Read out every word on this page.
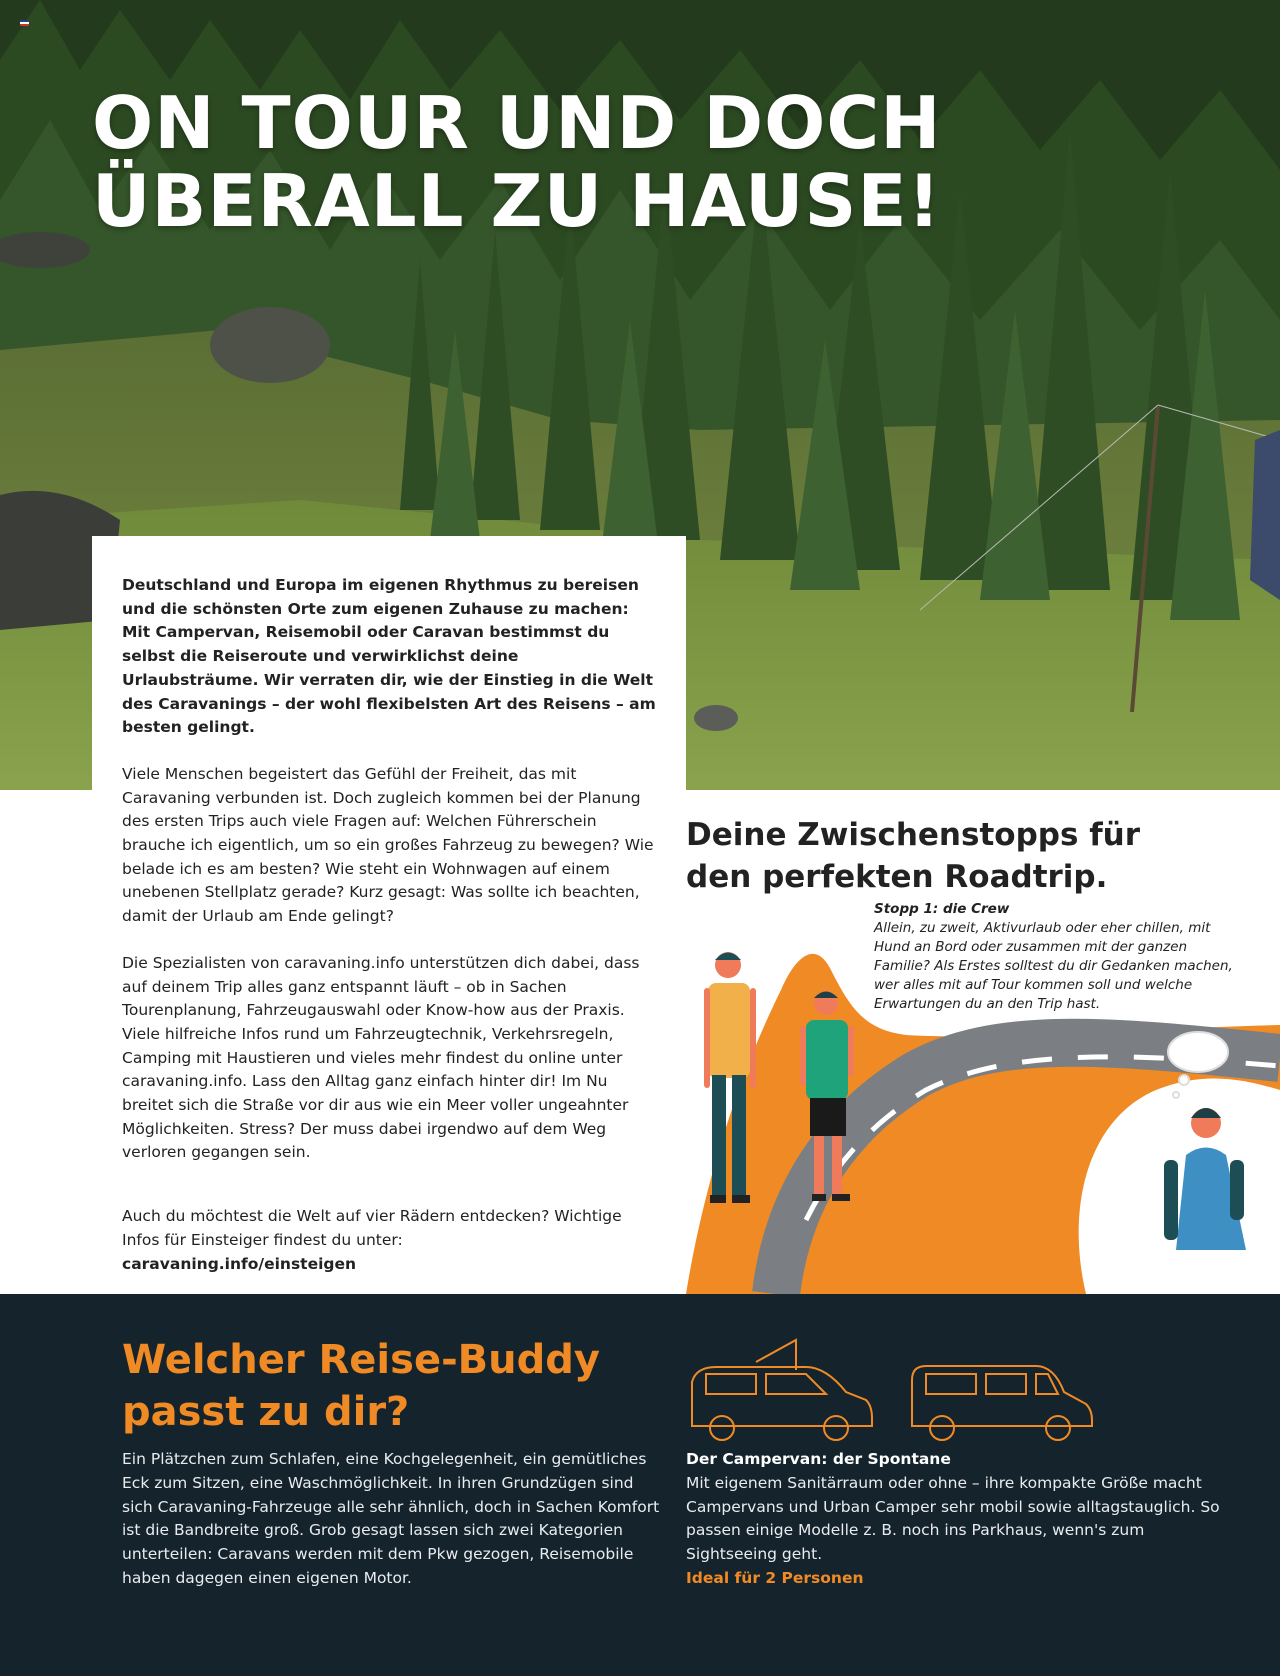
ON TOUR UND DOCH
ÜBERALL ZU HAUSE!

Deutschland und Europa im eigenen Rhythmus zu bereisen und die schönsten Orte zum eigenen Zuhause zu machen: Mit Campervan, Reisemobil oder Caravan bestimmst du selbst die Reiseroute und verwirklichst deine Urlaubsträume. Wir verraten dir, wie der Einstieg in die Welt des Caravanings – der wohl flexibelsten Art des Reisens – am besten gelingt.

Viele Menschen begeistert das Gefühl der Freiheit, das mit Caravaning verbunden ist. Doch zugleich kommen bei der Planung des ersten Trips auch viele Fragen auf: Welchen Führerschein brauche ich eigentlich, um so ein großes Fahrzeug zu bewegen? Wie belade ich es am besten? Wie steht ein Wohnwagen auf einem unebenen Stellplatz gerade? Kurz gesagt: Was sollte ich beachten, damit der Urlaub am Ende gelingt?

Die Spezialisten von caravaning.info unterstützen dich dabei, dass auf deinem Trip alles ganz entspannt läuft – ob in Sachen Tourenplanung, Fahrzeugauswahl oder Know-how aus der Praxis. Viele hilfreiche Infos rund um Fahrzeugtechnik, Verkehrsregeln, Camping mit Haustieren und vieles mehr findest du online unter caravaning.info. Lass den Alltag ganz einfach hinter dir! Im Nu breitet sich die Straße vor dir aus wie ein Meer voller ungeahnter Möglichkeiten. Stress? Der muss dabei irgendwo auf dem Weg verloren gegangen sein.

Auch du möchtest die Welt auf vier Rädern entdecken? Wichtige Infos für Einsteiger findest du unter:
caravaning.info/einsteigen

Deine Zwischenstopps für
den perfekten Roadtrip.
Stopp 1: die Crew
Allein, zu zweit, Aktivurlaub oder eher chillen, mit Hund an Bord oder zusammen mit der ganzen Familie? Als Erstes solltest du dir Gedanken machen, wer alles mit auf Tour kommen soll und welche Erwartungen du an den Trip hast.
Welcher Reise-Buddy
passt zu dir?

Ein Plätzchen zum Schlafen, eine Kochgelegenheit, ein gemütliches Eck zum Sitzen, eine Waschmöglichkeit. In ihren Grundzügen sind sich Caravaning-Fahrzeuge alle sehr ähnlich, doch in Sachen Komfort ist die Bandbreite groß. Grob gesagt lassen sich zwei Kategorien unterteilen: Caravans werden mit dem Pkw gezogen, Reisemobile haben dagegen einen eigenen Motor.

Der Campervan: der Spontane
Mit eigenem Sanitärraum oder ohne – ihre kompakte Größe macht Campervans und Urban Camper sehr mobil sowie alltagstauglich. So passen einige Modelle z. B. noch ins Parkhaus, wenn's zum Sightseeing geht.
Ideal für 2 Personen
